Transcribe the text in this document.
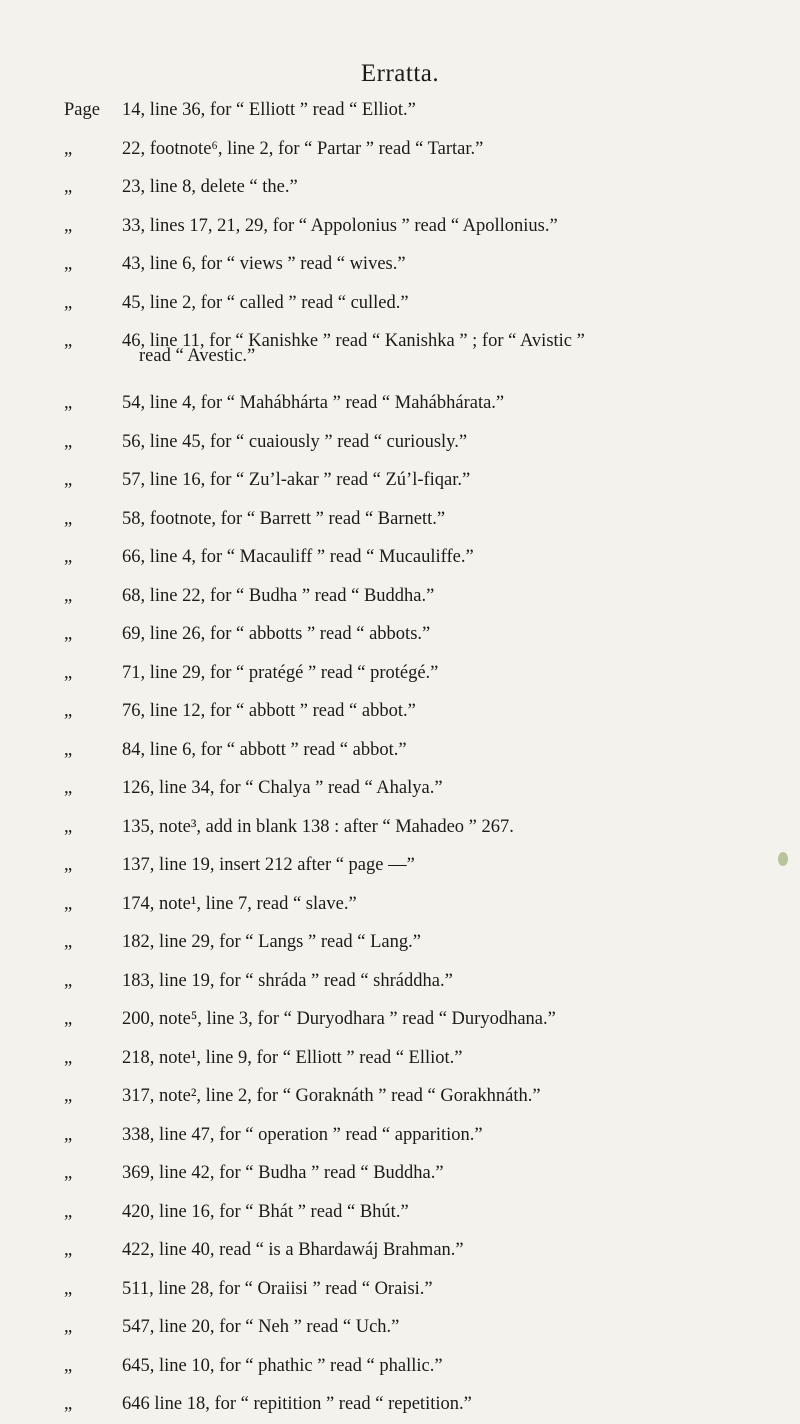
Erratta.
Page 14, line 36, for “ Elliott ” read “ Elliot.”
„	22, footnote⁶, line 2, for “ Partar ” read “ Tartar.”
„	23, line 8, delete “ the.”
„	33, lines 17, 21, 29, for “ Appolonius ” read “ Apollonius.”
„	43, line 6, for “ views ” read “ wives.”
„	45, line 2, for “ called ” read “ culled.”
„	46, line 11, for “ Kanishke ” read “ Kanishka ” ; for “ Avistic ”
read “ Avestic.”
„	54, line 4, for “ Mahábhárta ” read “ Mahábhárata.”
„	56, line 45, for “ cuaiously ” read “ curiously.”
„	57, line 16, for “ Zu’l-akar ” read “ Zú’l-fiqar.”
„	58, footnote, for “ Barrett ” read “ Barnett.”
„	66, line 4, for “ Macauliff ” read “ Mucauliffe.”
„	68, line 22, for “ Budha ” read “ Buddha.”
„	69, line 26, for “ abbotts ” read “ abbots.”
„	71, line 29, for “ pratégé ” read “ protégé.”
„	76, line 12, for “ abbott ” read “ abbot.”
„	84, line 6, for “ abbott ” read “ abbot.”
„	126, line 34, for “ Chalya ” read “ Ahalya.”
„	135, note³, add in blank 138 : after “ Mahadeo ” 267.
„	137, line 19, insert 212 after “ page —”
„	174, note¹, line 7, read “ slave.”
„	182, line 29, for “ Langs ” read “ Lang.”
„	183, line 19, for “ shráda ” read “ shráddha.”
„	200, note⁵, line 3, for “ Duryodhara ” read “ Duryodhana.”
„	218, note¹, line 9, for “ Elliott ” read “ Elliot.”
„	317, note², line 2, for “ Goraknáth ” read “ Gorakhnáth.”
„	338, line 47, for “ operation ” read “ apparition.”
„	369, line 42, for “ Budha ” read “ Buddha.”
„	420, line 16, for “ Bhát ” read “ Bhút.”
„	422, line 40, read “ is a Bhardawáj Brahman.”
„	511, line 28, for “ Oraiisi ” read “ Oraisi.”
„	547, line 20, for “ Neh ” read “ Uch.”
„	645, line 10, for “ phathic ” read “ phallic.”
„	646 line 18, for “ repitition ” read “ repetition.”
